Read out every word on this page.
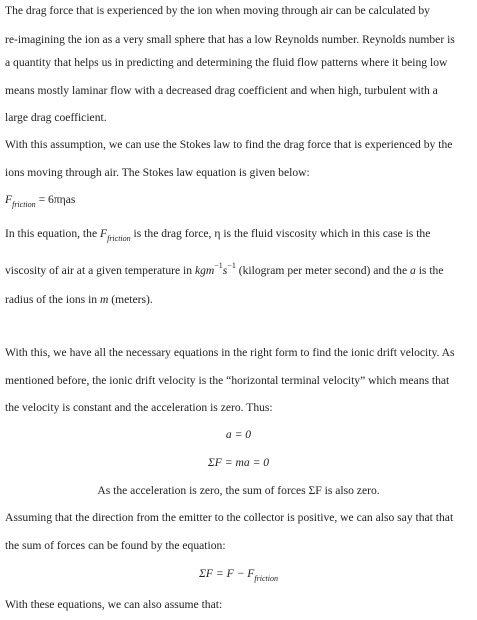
The drag force that is experienced by the ion when moving through air can be calculated by
re-imagining the ion as a very small sphere that has a low Reynolds number. Reynolds number is
a quantity that helps us in predicting and determining the fluid flow patterns where it being low
means mostly laminar flow with a decreased drag coefficient and when high, turbulent with a
large drag coefficient.
With this assumption, we can use the Stokes law to find the drag force that is experienced by the
ions moving through air. The Stokes law equation is given below:
$F_{friction} = 6\pi\eta as$
In this equation, the $F_{friction}$ is the drag force, η is the fluid viscosity which in this case is the
viscosity of air at a given temperature in $kgm^{-1}s^{-1}$ (kilogram per meter second) and the a is the
radius of the ions in m (meters).
With this, we have all the necessary equations in the right form to find the ionic drift velocity. As
mentioned before, the ionic drift velocity is the “horizontal terminal velocity” which means that
the velocity is constant and the acceleration is zero. Thus:
a = 0
ΣF = ma = 0
As the acceleration is zero, the sum of forces ΣF is also zero.
Assuming that the direction from the emitter to the collector is positive, we can also say that that
the sum of forces can be found by the equation:
$\Sigma F = F - F_{friction}$
With these equations, we can also assume that:
